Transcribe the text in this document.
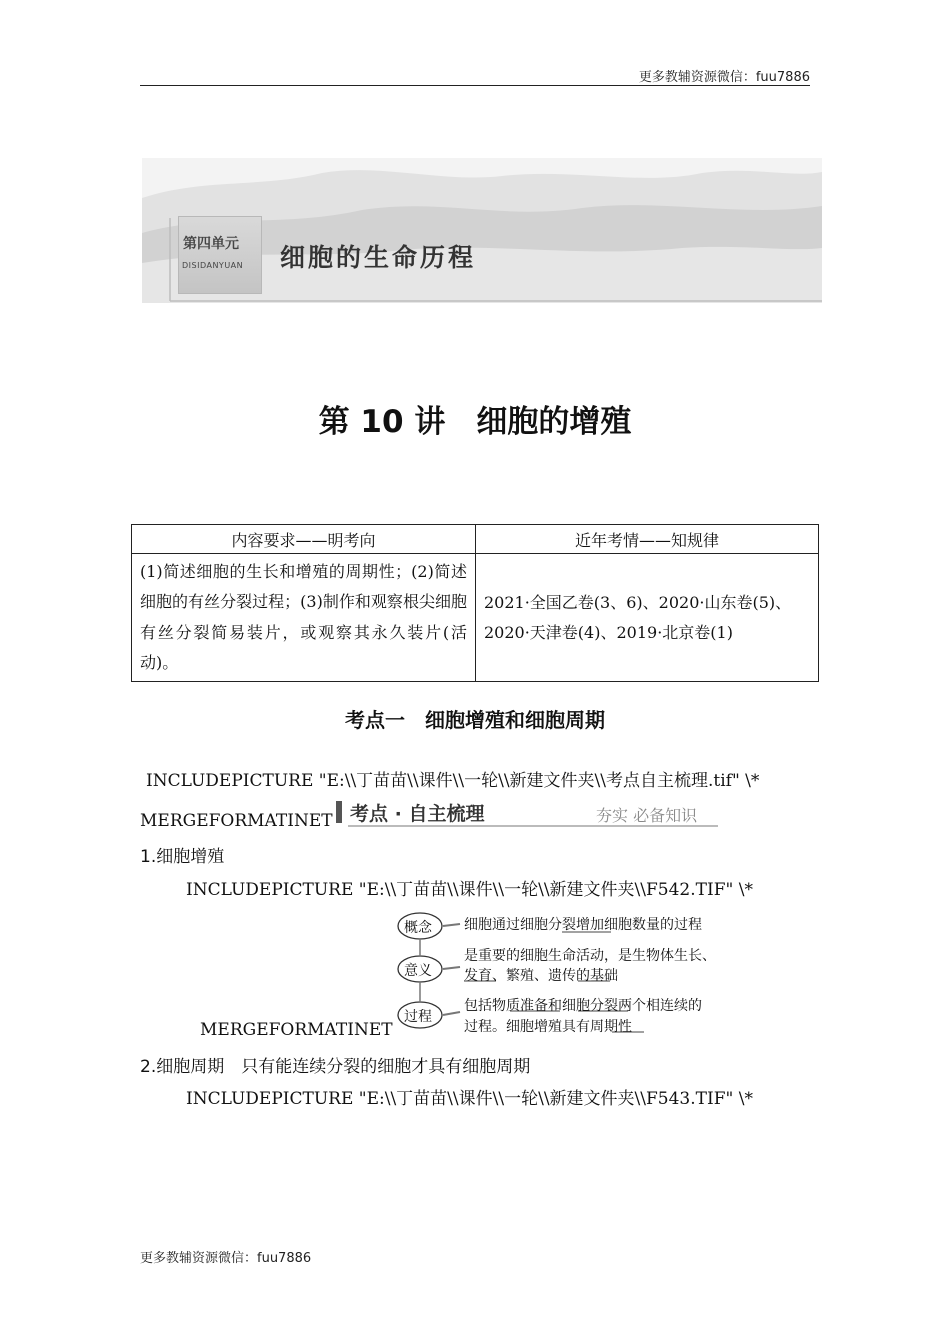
更多教辅资源微信：fuu7886
第四单元
DISIDANYUAN 细胞的生命历程
第 10 讲　细胞的增殖
内容要求——明考向	近年考情——知规律
(1)简述细胞的生长和增殖的周期性；(2)简述细胞的有丝分裂过程；(3)制作和观察根尖细胞有丝分裂简易装片，或观察其永久装片(活动)。	2021·全国乙卷(3、6)、2020·山东卷(5)、2020·天津卷(4)、2019·北京卷(1)
考点一　细胞增殖和细胞周期
INCLUDEPICTURE "E:\\丁苗苗\\课件\\一轮\\新建文件夹\\考点自主梳理.tif" \*
MERGEFORMATINET 考点 · 自主梳理	夯实 必备知识
1.细胞增殖
INCLUDEPICTURE "E:\\丁苗苗\\课件\\一轮\\新建文件夹\\F542.TIF" \*
概念
意义
过程
细胞通过细胞分裂增加细胞数量的过程
是重要的细胞生命活动，是生物体生长、
发育、繁殖、遗传的基础
包括物质准备和细胞分裂两个相连续的
过程。细胞增殖具有周期性
MERGEFORMATINET
2.细胞周期　只有能连续分裂的细胞才具有细胞周期
INCLUDEPICTURE "E:\\丁苗苗\\课件\\一轮\\新建文件夹\\F543.TIF" \*
更多教辅资源微信：fuu7886
